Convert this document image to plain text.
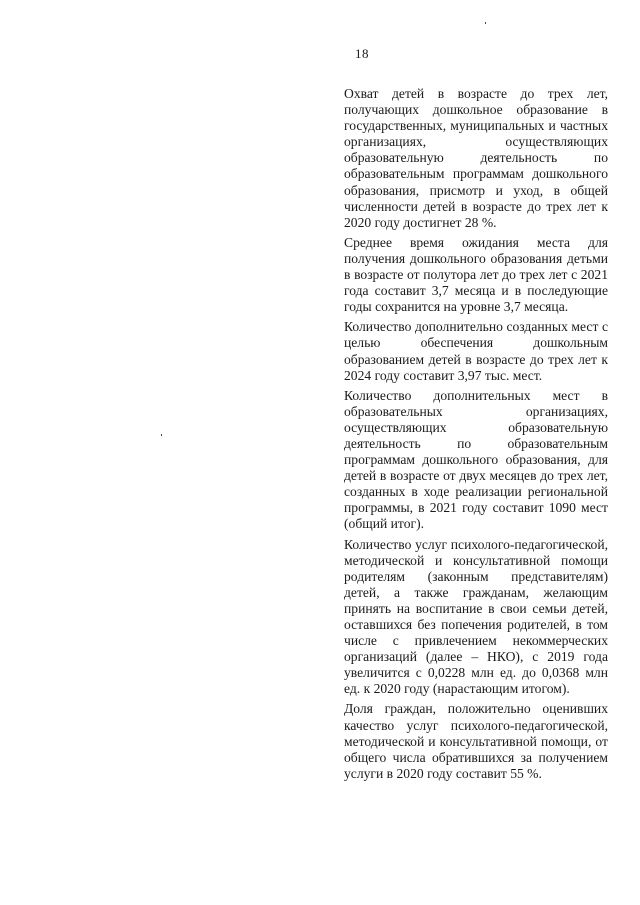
18

Охват детей в возрасте до трех лет, получающих дошкольное образование в государственных, муниципальных и частных организациях, осуществляющих образовательную деятельность по образовательным программам дошкольного образования, присмотр и уход, в общей численности детей в возрасте до трех лет к 2020 году достигнет 28 %.

Среднее время ожидания места для получения дошкольного образования детьми в возрасте от полутора лет до трех лет с 2021 года составит 3,7 месяца и в последующие годы сохранится на уровне 3,7 месяца.

Количество дополнительно созданных мест с целью обеспечения дошкольным образованием детей в возрасте до трех лет к 2024 году составит 3,97 тыс. мест.

Количество дополнительных мест в образовательных организациях, осуществляющих образовательную деятельность по образовательным программам дошкольного образования, для детей в возрасте от двух месяцев до трех лет, созданных в ходе реализации региональной программы, в 2021 году составит 1090 мест (общий итог).

Количество услуг психолого-педагогической, методической и консультативной помощи родителям (законным представителям) детей, а также гражданам, желающим принять на воспитание в свои семьи детей, оставшихся без попечения родителей, в том числе с привлечением некоммерческих организаций (далее – НКО), с 2019 года увеличится с 0,0228 млн ед. до 0,0368 млн ед. к 2020 году (нарастающим итогом).

Доля граждан, положительно оценивших качество услуг психолого-педагогической, методической и консультативной помощи, от общего числа обратившихся за получением услуги в 2020 году составит 55 %.
